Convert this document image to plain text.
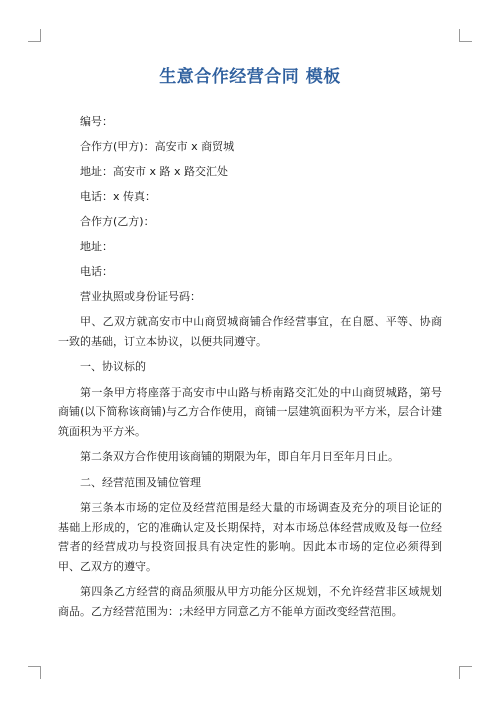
生意合作经营合同 模板
编号：
合作方(甲方)：高安市 x 商贸城
地址：高安市 x 路 x 路交汇处
电话：x 传真：
合作方(乙方)：
地址：
电话：
营业执照或身份证号码：
甲、乙双方就高安市中山商贸城商铺合作经营事宜，在自愿、平等、协商一致的基础，订立本协议，以便共同遵守。
一、协议标的
第一条甲方将座落于高安市中山路与桥南路交汇处的中山商贸城路，第号商铺(以下简称该商铺)与乙方合作使用，商铺一层建筑面积为平方米，层合计建筑面积为平方米。
第二条双方合作使用该商铺的期限为年，即自年月日至年月日止。
二、经营范围及铺位管理
第三条本市场的定位及经营范围是经大量的市场调查及充分的项目论证的基础上形成的，它的准确认定及长期保持，对本市场总体经营成败及每一位经营者的经营成功与投资回报具有决定性的影响。因此本市场的定位必须得到甲、乙双方的遵守。
第四条乙方经营的商品须服从甲方功能分区规划，不允许经营非区域规划商品。乙方经营范围为：;未经甲方同意乙方不能单方面改变经营范围。
